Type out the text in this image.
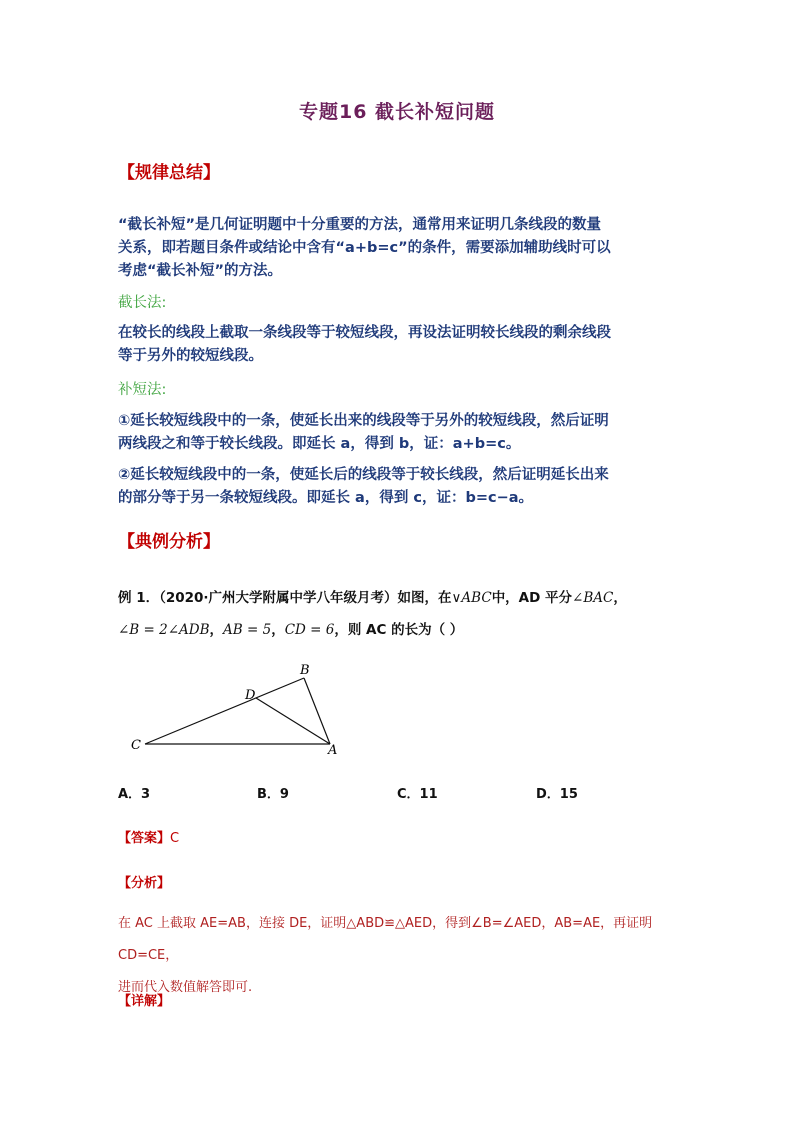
专题16 截长补短问题
【规律总结】
“截长补短”是几何证明题中十分重要的方法，通常用来证明几条线段的数量
关系，即若题目条件或结论中含有“a+b=c”的条件，需要添加辅助线时可以
考虑“截长补短”的方法。
截长法:
在较长的线段上截取一条线段等于较短线段，再设法证明较长线段的剩余线段
等于另外的较短线段。
补短法:
①延长较短线段中的一条，使延长出来的线段等于另外的较短线段，然后证明
两线段之和等于较长线段。即延长 a，得到 b，证：a+b=c。
②延长较短线段中的一条，使延长后的线段等于较长线段，然后证明延长出来
的部分等于另一条较短线段。即延长 a，得到 c，证：b=c−a。
【典例分析】
例 1．（2020·广州大学附属中学八年级月考）如图，在∨ABC中，AD 平分∠BAC，
∠B = 2∠ADB，AB = 5，CD = 6，则 AC 的长为（ ）
B
D
C	A
A．3	B．9	C．11	D．15
【答案】C
【分析】
在 AC 上截取 AE=AB，连接 DE，证明△ABD≌△AED，得到∠B=∠AED，AB=AE，再证明 CD=CE，
进而代入数值解答即可.
【详解】
